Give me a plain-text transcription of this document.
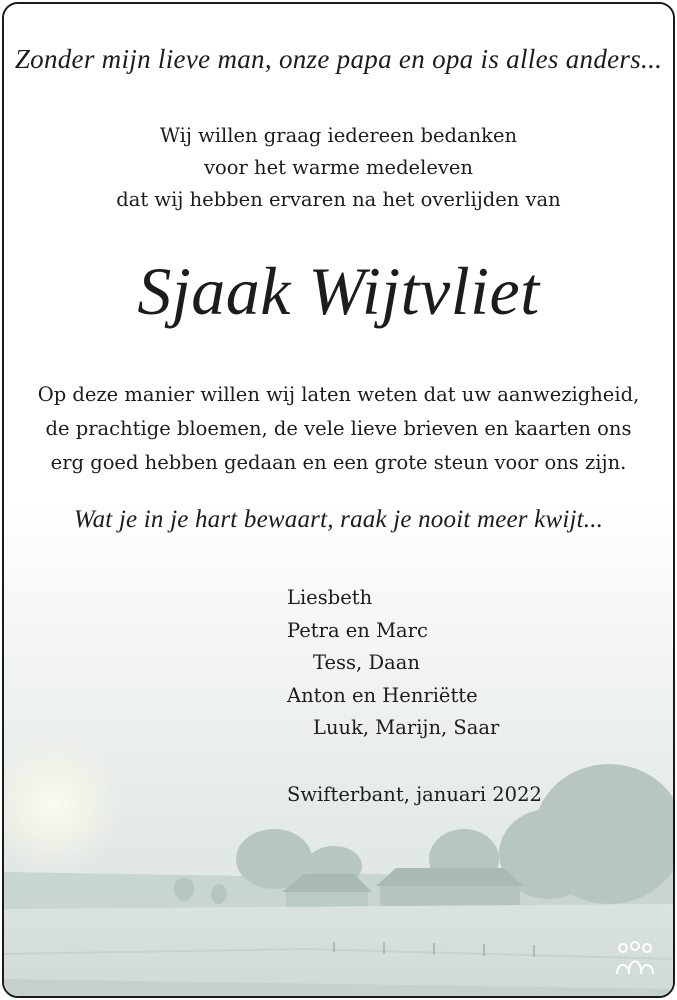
Zonder mijn lieve man, onze papa en opa is alles anders...
Wij willen graag iedereen bedanken
voor het warme medeleven
dat wij hebben ervaren na het overlijden van
Sjaak Wijtvliet
Op deze manier willen wij laten weten dat uw aanwezigheid,
de prachtige bloemen, de vele lieve brieven en kaarten ons
erg goed hebben gedaan en een grote steun voor ons zijn.
Wat je in je hart bewaart, raak je nooit meer kwijt...
Liesbeth
Petra en Marc
Tess, Daan
Anton en Henriëtte
Luuk, Marijn, Saar
Swifterbant, januari 2022
